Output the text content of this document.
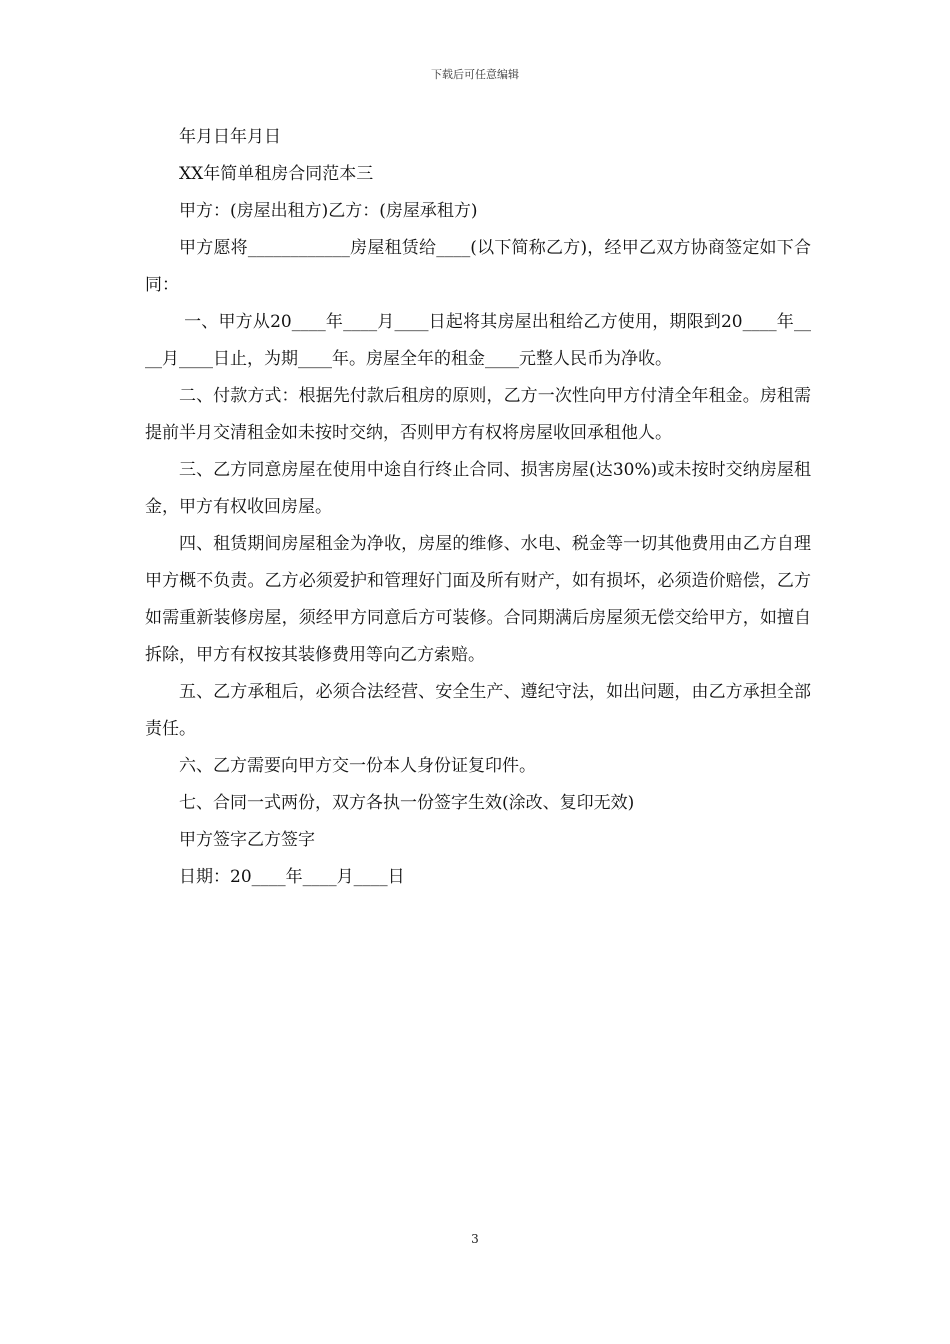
下载后可任意编辑

年月日年月日

XX年简单租房合同范本三

甲方：(房屋出租方)乙方：(房屋承租方)

甲方愿将____________房屋租赁给____(以下简称乙方)，经甲乙双方协商签定如下合同：

一、甲方从20____年____月____日起将其房屋出租给乙方使用，期限到20____年____月____日止，为期____年。房屋全年的租金____元整人民币为净收。

二、付款方式：根据先付款后租房的原则，乙方一次性向甲方付清全年租金。房租需提前半月交清租金如未按时交纳，否则甲方有权将房屋收回承租他人。

三、乙方同意房屋在使用中途自行终止合同、损害房屋(达30%)或未按时交纳房屋租金，甲方有权收回房屋。

四、租赁期间房屋租金为净收，房屋的维修、水电、税金等一切其他费用由乙方自理甲方概不负责。乙方必须爱护和管理好门面及所有财产，如有损坏，必须造价赔偿，乙方如需重新装修房屋，须经甲方同意后方可装修。合同期满后房屋须无偿交给甲方，如擅自拆除，甲方有权按其装修费用等向乙方索赔。

五、乙方承租后，必须合法经营、安全生产、遵纪守法，如出问题，由乙方承担全部责任。

六、乙方需要向甲方交一份本人身份证复印件。

七、合同一式两份，双方各执一份签字生效(涂改、复印无效)

甲方签字乙方签字

日期：20____年____月____日

3
